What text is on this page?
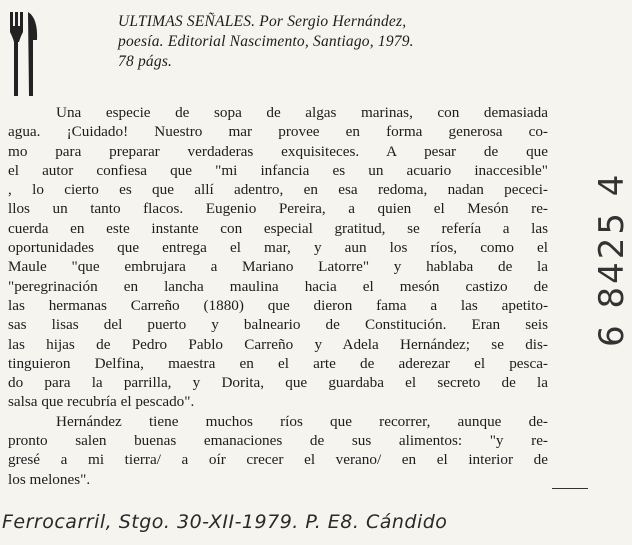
ULTIMAS SEÑALES. Por Sergio Hernández,
poesía. Editorial Nascimento, Santiago, 1979.
78 págs.
Una especie de sopa de algas marinas, con demasiada
agua. ¡Cuidado! Nuestro mar provee en forma generosa co-
mo para preparar verdaderas exquisiteces. A pesar de que
el autor confiesa que "mi infancia es un acuario inaccesible"
, lo cierto es que allí adentro, en esa redoma, nadan pececi-
llos un tanto flacos. Eugenio Pereira, a quien el Mesón re-
cuerda en este instante con especial gratitud, se refería a las
oportunidades que entrega el mar, y aun los ríos, como el
Maule "que embrujara a Mariano Latorre" y hablaba de la
"peregrinación en lancha maulina hacia el mesón castizo de
las hermanas Carreño (1880) que dieron fama a las apetito-
sas lisas del puerto y balneario de Constitución. Eran seis
las hijas de Pedro Pablo Carreño y Adela Hernández; se dis-
tinguieron Delfina, maestra en el arte de aderezar el pesca-
do para la parrilla, y Dorita, que guardaba el secreto de la
salsa que recubría el pescado".
Hernández tiene muchos ríos que recorrer, aunque de-
pronto salen buenas emanaciones de sus alimentos: "y re-
gresé a mi tierra/ a oír crecer el verano/ en el interior de
los melones".
6 8425 4
Ferrocarril, Stgo. 30-XII-1979. P. E8. Cándido
